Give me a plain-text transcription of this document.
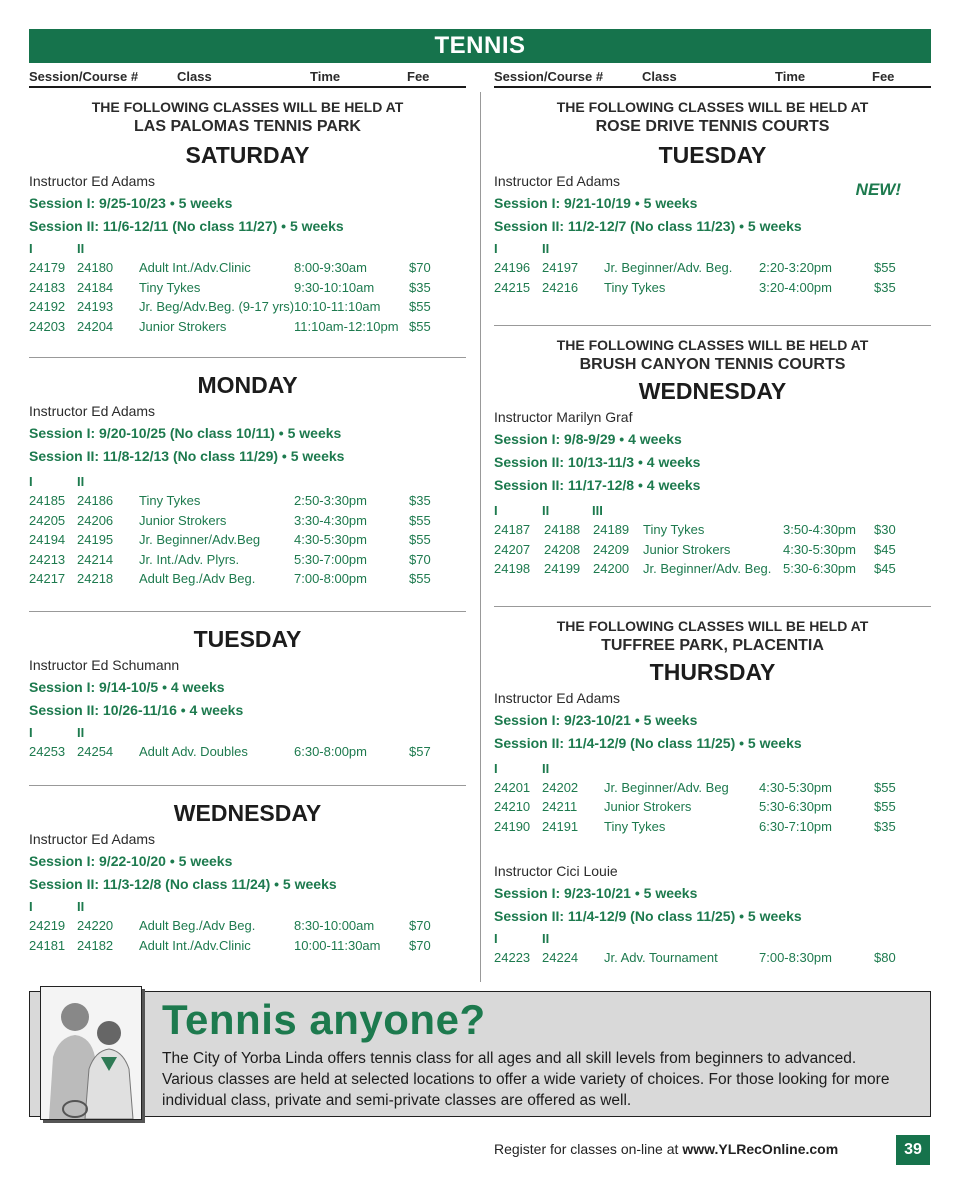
TENNIS
Session/Course #	Class	Time	Fee	Session/Course #	Class	Time	Fee
THE FOLLOWING CLASSES WILL BE HELD AT
LAS PALOMAS TENNIS PARK
SATURDAY
Instructor Ed Adams
Session I: 9/25-10/23 • 5 weeks
Session II: 11/6-12/11 (No class 11/27) • 5 weeks
I	II
24179 24180 Adult Int./Adv.Clinic	8:00-9:30am	$70
24183 24184 Tiny Tykes	9:30-10:10am	$35
24192 24193 Jr. Beg/Adv.Beg. (9-17 yrs) 10:10-11:10am $55
24203 24204 Junior Strokers	11:10am-12:10pm $55
MONDAY
Instructor Ed Adams
Session I: 9/20-10/25 (No class 10/11) • 5 weeks
Session II: 11/8-12/13 (No class 11/29) • 5 weeks
I	II
24185 24186 Tiny Tykes	2:50-3:30pm	$35
24205 24206 Junior Strokers	3:30-4:30pm	$55
24194 24195 Jr. Beginner/Adv.Beg	4:30-5:30pm	$55
24213 24214 Jr. Int./Adv. Plyrs.	5:30-7:00pm	$70
24217 24218 Adult Beg./Adv Beg.	7:00-8:00pm	$55
TUESDAY
Instructor Ed Schumann
Session I: 9/14-10/5 • 4 weeks
Session II: 10/26-11/16 • 4 weeks
I	II
24253 24254 Adult Adv. Doubles	6:30-8:00pm	$57
WEDNESDAY
Instructor Ed Adams
Session I: 9/22-10/20 • 5 weeks
Session II: 11/3-12/8 (No class 11/24) • 5 weeks
I	II
24219 24220 Adult Beg./Adv Beg.	8:30-10:00am	$70
24181 24182 Adult Int./Adv.Clinic	10:00-11:30am $70
THE FOLLOWING CLASSES WILL BE HELD AT
ROSE DRIVE TENNIS COURTS
TUESDAY
NEW!
Instructor Ed Adams
Session I: 9/21-10/19 • 5 weeks
Session II: 11/2-12/7 (No class 11/23) • 5 weeks
I	II
24196 24197 Jr. Beginner/Adv. Beg. 2:20-3:20pm	$55
24215 24216 Tiny Tykes	3:20-4:00pm	$35
THE FOLLOWING CLASSES WILL BE HELD AT
BRUSH CANYON TENNIS COURTS
WEDNESDAY
Instructor Marilyn Graf
Session I: 9/8-9/29 • 4 weeks
Session II: 10/13-11/3 • 4 weeks
Session II: 11/17-12/8 • 4 weeks
I	II	III
24187 24188 24189 Tiny Tykes	3:50-4:30pm $30
24207 24208 24209 Junior Strokers	4:30-5:30pm $45
24198 24199 24200 Jr. Beginner/Adv. Beg. 5:30-6:30pm $45
THE FOLLOWING CLASSES WILL BE HELD AT
TUFFREE PARK, PLACENTIA
THURSDAY
Instructor Ed Adams
Session I: 9/23-10/21 • 5 weeks
Session II: 11/4-12/9 (No class 11/25) • 5 weeks
I	II
24201 24202 Jr. Beginner/Adv. Beg 4:30-5:30pm	$55
24210 24211 Junior Strokers	5:30-6:30pm	$55
24190 24191 Tiny Tykes	6:30-7:10pm	$35
Instructor Cici Louie
Session I: 9/23-10/21 • 5 weeks
Session II: 11/4-12/9 (No class 11/25) • 5 weeks
I	II
24223 24224 Jr. Adv. Tournament	7:00-8:30pm	$80
Tennis anyone?
The City of Yorba Linda offers tennis class for all ages and all skill levels from beginners to advanced. Various classes are held at selected locations to offer a wide variety of choices. For those looking for more individual class, private and semi-private classes are offered as well.
Register for classes on-line at www.YLRecOnline.com	39
